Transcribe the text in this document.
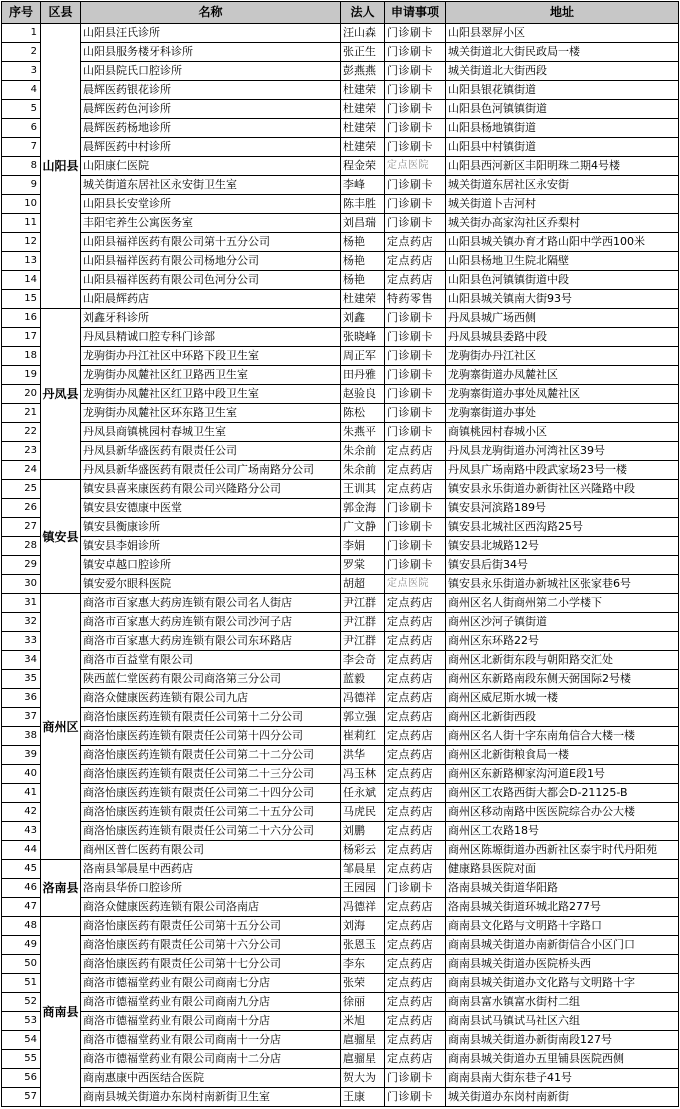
序号	区县	名称	法人	申请事项	地址
1	山阳县	山阳县汪氏诊所	汪山森	门诊刷卡	山阳县翠屏小区
2		山阳县服务楼牙科诊所	张正生	门诊刷卡	城关街道北大街民政局一楼
3		山阳县院氏口腔诊所	彭燕燕	门诊刷卡	城关街道北大街西段
4		晨辉医药银花诊所	杜建荣	门诊刷卡	山阳县银花镇街道
5		晨辉医药色河诊所	杜建荣	门诊刷卡	山阳县色河镇镇街道
6		晨辉医药杨地诊所	杜建荣	门诊刷卡	山阳县杨地镇街道
7		晨辉医药中村诊所	杜建荣	门诊刷卡	山阳县中村镇街道
8		山阳康仁医院	程金荣	定点医院	山阳县西河新区丰阳明珠二期4号楼
9		城关街道东居社区永安街卫生室	李峰	门诊刷卡	城关街道东居社区永安街
10		山阳县长安堂诊所	陈丰胜	门诊刷卡	城关街道卜吉河村
11		丰阳宅养生公寓医务室	刘昌瑞	门诊刷卡	城关街办高家沟社区乔梨村
12		山阳县福祥医药有限公司第十五分公司	杨艳	定点药店	山阳县城关镇办育才路山阳中学西100米
13		山阳县福祥医药有限公司杨地分公司	杨艳	定点药店	山阳县杨地卫生院北隔壁
14		山阳县福祥医药有限公司色河分公司	杨艳	定点药店	山阳县色河镇镇街道中段
15		山阳晨辉药店	杜建荣	特药零售	山阳县城关镇南大街93号
16	丹凤县	刘鑫牙科诊所	刘鑫	门诊刷卡	丹凤县城广场西侧
17		丹凤县精诚口腔专科门诊部	张晓峰	门诊刷卡	丹凤县城县委路中段
18		龙驹街办丹江社区中环路下段卫生室	周正军	门诊刷卡	龙驹街办丹江社区
19		龙驹街办凤麓社区红卫路西卫生室	田丹雅	门诊刷卡	龙驹寨街道办凤麓社区
20		龙驹街办凤麓社区红卫路中段卫生室	赵验良	门诊刷卡	龙驹寨街道办事处凤麓社区
21		龙驹街办凤麓社区环东路卫生室	陈松	门诊刷卡	龙驹寨街道办事处
22		丹凤县商镇桃园村春城卫生室	朱燕平	门诊刷卡	商镇桃园村春城小区
23		丹凤县新华盛医药有限责任公司	朱余前	定点药店	丹凤县龙驹街道办河湾社区39号
24		丹凤县新华盛医药有限责任公司广场南路分公司	朱余前	定点药店	丹凤县广场南路中段武家场23号一楼
25	镇安县	镇安县喜来康医药有限公司兴隆路分公司	王训其	定点药店	镇安县永乐街道办新街社区兴隆路中段
26		镇安县安德康中医堂	郭金海	门诊刷卡	镇安县河滨路189号
27		镇安县衡康诊所	广文静	门诊刷卡	镇安县北城社区西沟路25号
28		镇安县李娟诊所	李娟	门诊刷卡	镇安县北城路12号
29		镇安卓越口腔诊所	罗棠	门诊刷卡	镇安县后街34号
30		镇安爱尔眼科医院	胡超	定点医院	镇安县永乐街道办新城社区张家巷6号
31	商州区	商洛市百家惠大药房连锁有限公司名人街店	尹江群	定点药店	商州区名人街商州第二小学楼下
32		商洛市百家惠大药房连锁有限公司沙河子店	尹江群	定点药店	商州区沙河子镇街道
33		商洛市百家惠大药房连锁有限公司东环路店	尹江群	定点药店	商州区东环路22号
34		商洛市百益堂有限公司	李会奇	定点药店	商州区北新街东段与朝阳路交汇处
35		陕西蓝仁堂医药有限公司商洛第三分公司	蓝毅	定点药店	商州区东新路南段东侧天弼国际2号楼
36		商洛众健康医药连锁有限公司九店	冯德祥	定点药店	商州区威尼斯水城一楼
37		商洛怡康医药连锁有限责任公司第十二分公司	郭立强	定点药店	商州区北新街西段
38		商洛怡康医药连锁有限责任公司第十四分公司	崔莉红	定点药店	商州区名人街十字东南角信合大楼一楼
39		商洛怡康医药连锁有限责任公司第二十二分公司	洪华	定点药店	商州区北新街粮食局一楼
40		商洛怡康医药连锁有限责任公司第二十三分公司	冯玉林	定点药店	商州区东新路柳家沟河道E段1号
41		商洛怡康医药连锁有限责任公司第二十四分公司	任永斌	定点药店	商州区工农路西街大都会D-21125-B
42		商洛怡康医药连锁有限责任公司第二十五分公司	马虎民	定点药店	商州区移动南路中医医院综合办公大楼
43		商洛怡康医药连锁有限责任公司第二十六分公司	刘鹏	定点药店	商州区工农路18号
44		商州区普仁医药有限公司	杨彩云	定点药店	商州区陈塬街道办西新社区泰宇时代丹阳苑
45	洛南县	洛南县邹晨星中西药店	邹晨星	定点药店	健康路县医院对面
46		洛南县华侨口腔诊所	王园园	门诊刷卡	洛南县城关街道华阳路
47		商洛众健康医药连锁有限公司洛南店	冯德祥	定点药店	洛南县城关街道环城北路277号
48	商南县	商洛怡康医药有限责任公司第十五分公司	刘海	定点药店	商南县文化路与文明路十字路口
49		商洛怡康医药有限责任公司第十六分公司	张恩玉	定点药店	商南县城关街道办南新街信合小区门口
50		商洛怡康医药有限责任公司第十七分公司	李东	定点药店	商南县城关街道办医院桥头西
51		商洛市德福堂药业有限公司商南七分店	张荣	定点药店	商南县城关街道办文化路与文明路十字
52		商洛市德福堂药业有限公司商南九分店	徐丽	定点药店	商南县富水镇富水街村二组
53		商洛市德福堂药业有限公司商南十分店	米旭	定点药店	商南县试马镇试马社区六组
54		商洛市德福堂药业有限公司商南十一分店	扈骝星	定点药店	商南县城关街道办新街南段127号
55		商洛市德福堂药业有限公司商南十二分店	扈骝星	定点药店	商南县城关街道办五里铺县医院西侧
56		商南惠康中西医结合医院	贺大为	门诊刷卡	商南县南大街东巷子41号
57		商南县城关街道办东岗村南新街卫生室	王康	门诊刷卡	城关街道办东岗村南新街
